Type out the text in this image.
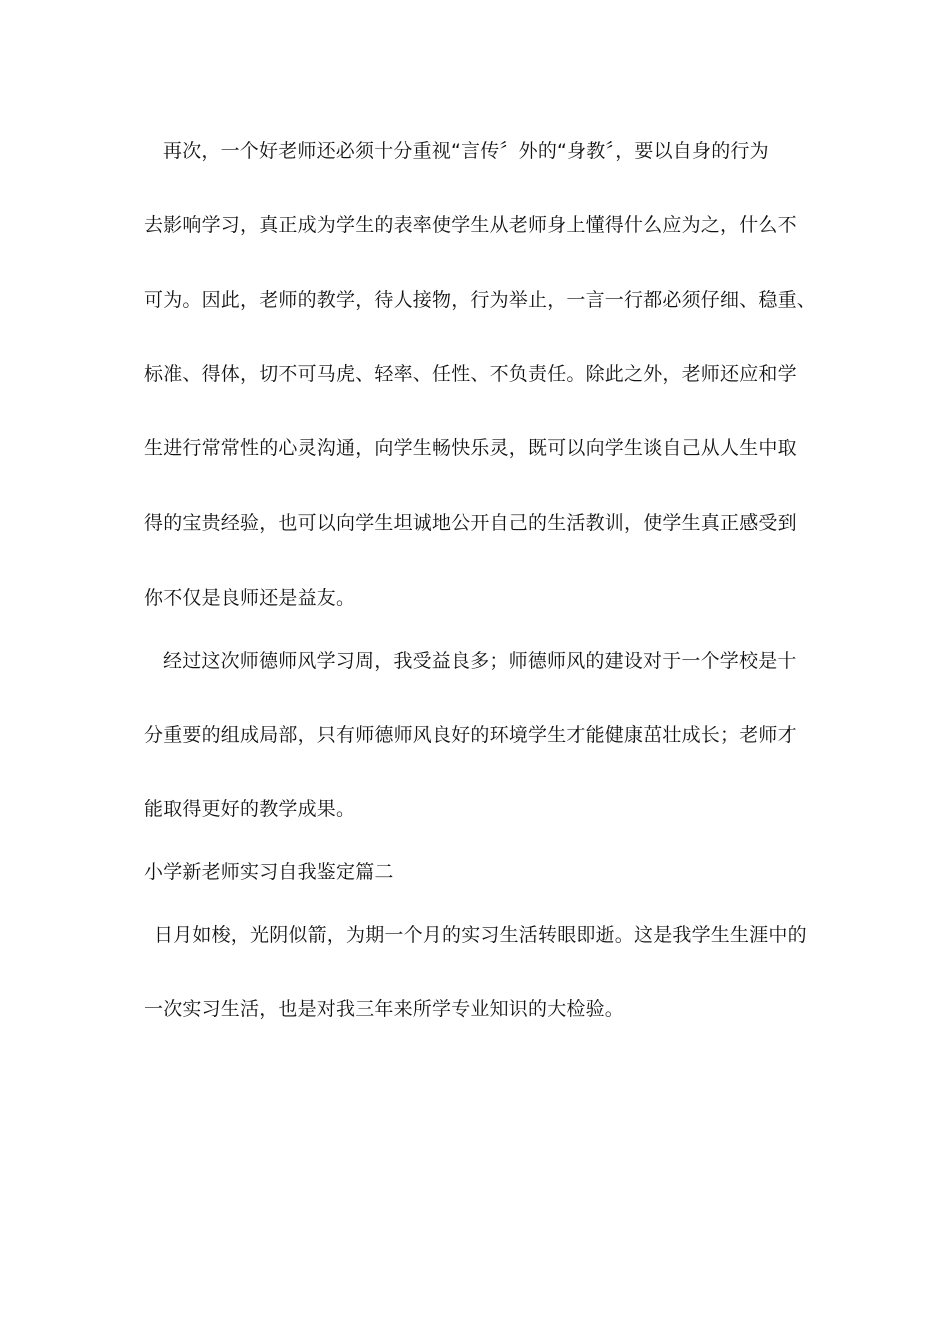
再次，一个好老师还必须十分重视“言传〞外的“身教〞，要以自身的行为
去影响学习，真正成为学生的表率使学生从老师身上懂得什么应为之，什么不
可为。因此，老师的教学，待人接物，行为举止，一言一行都必须仔细、稳重、
标准、得体，切不可马虎、轻率、任性、不负责任。除此之外，老师还应和学
生进行常常性的心灵沟通，向学生畅快乐灵，既可以向学生谈自己从人生中取
得的宝贵经验，也可以向学生坦诚地公开自己的生活教训，使学生真正感受到
你不仅是良师还是益友。
经过这次师德师风学习周，我受益良多；师德师风的建设对于一个学校是十
分重要的组成局部，只有师德师风良好的环境学生才能健康茁壮成长；老师才
能取得更好的教学成果。
小学新老师实习自我鉴定篇二
日月如梭，光阴似箭，为期一个月的实习生活转眼即逝。这是我学生生涯中的
一次实习生活，也是对我三年来所学专业知识的大检验。
